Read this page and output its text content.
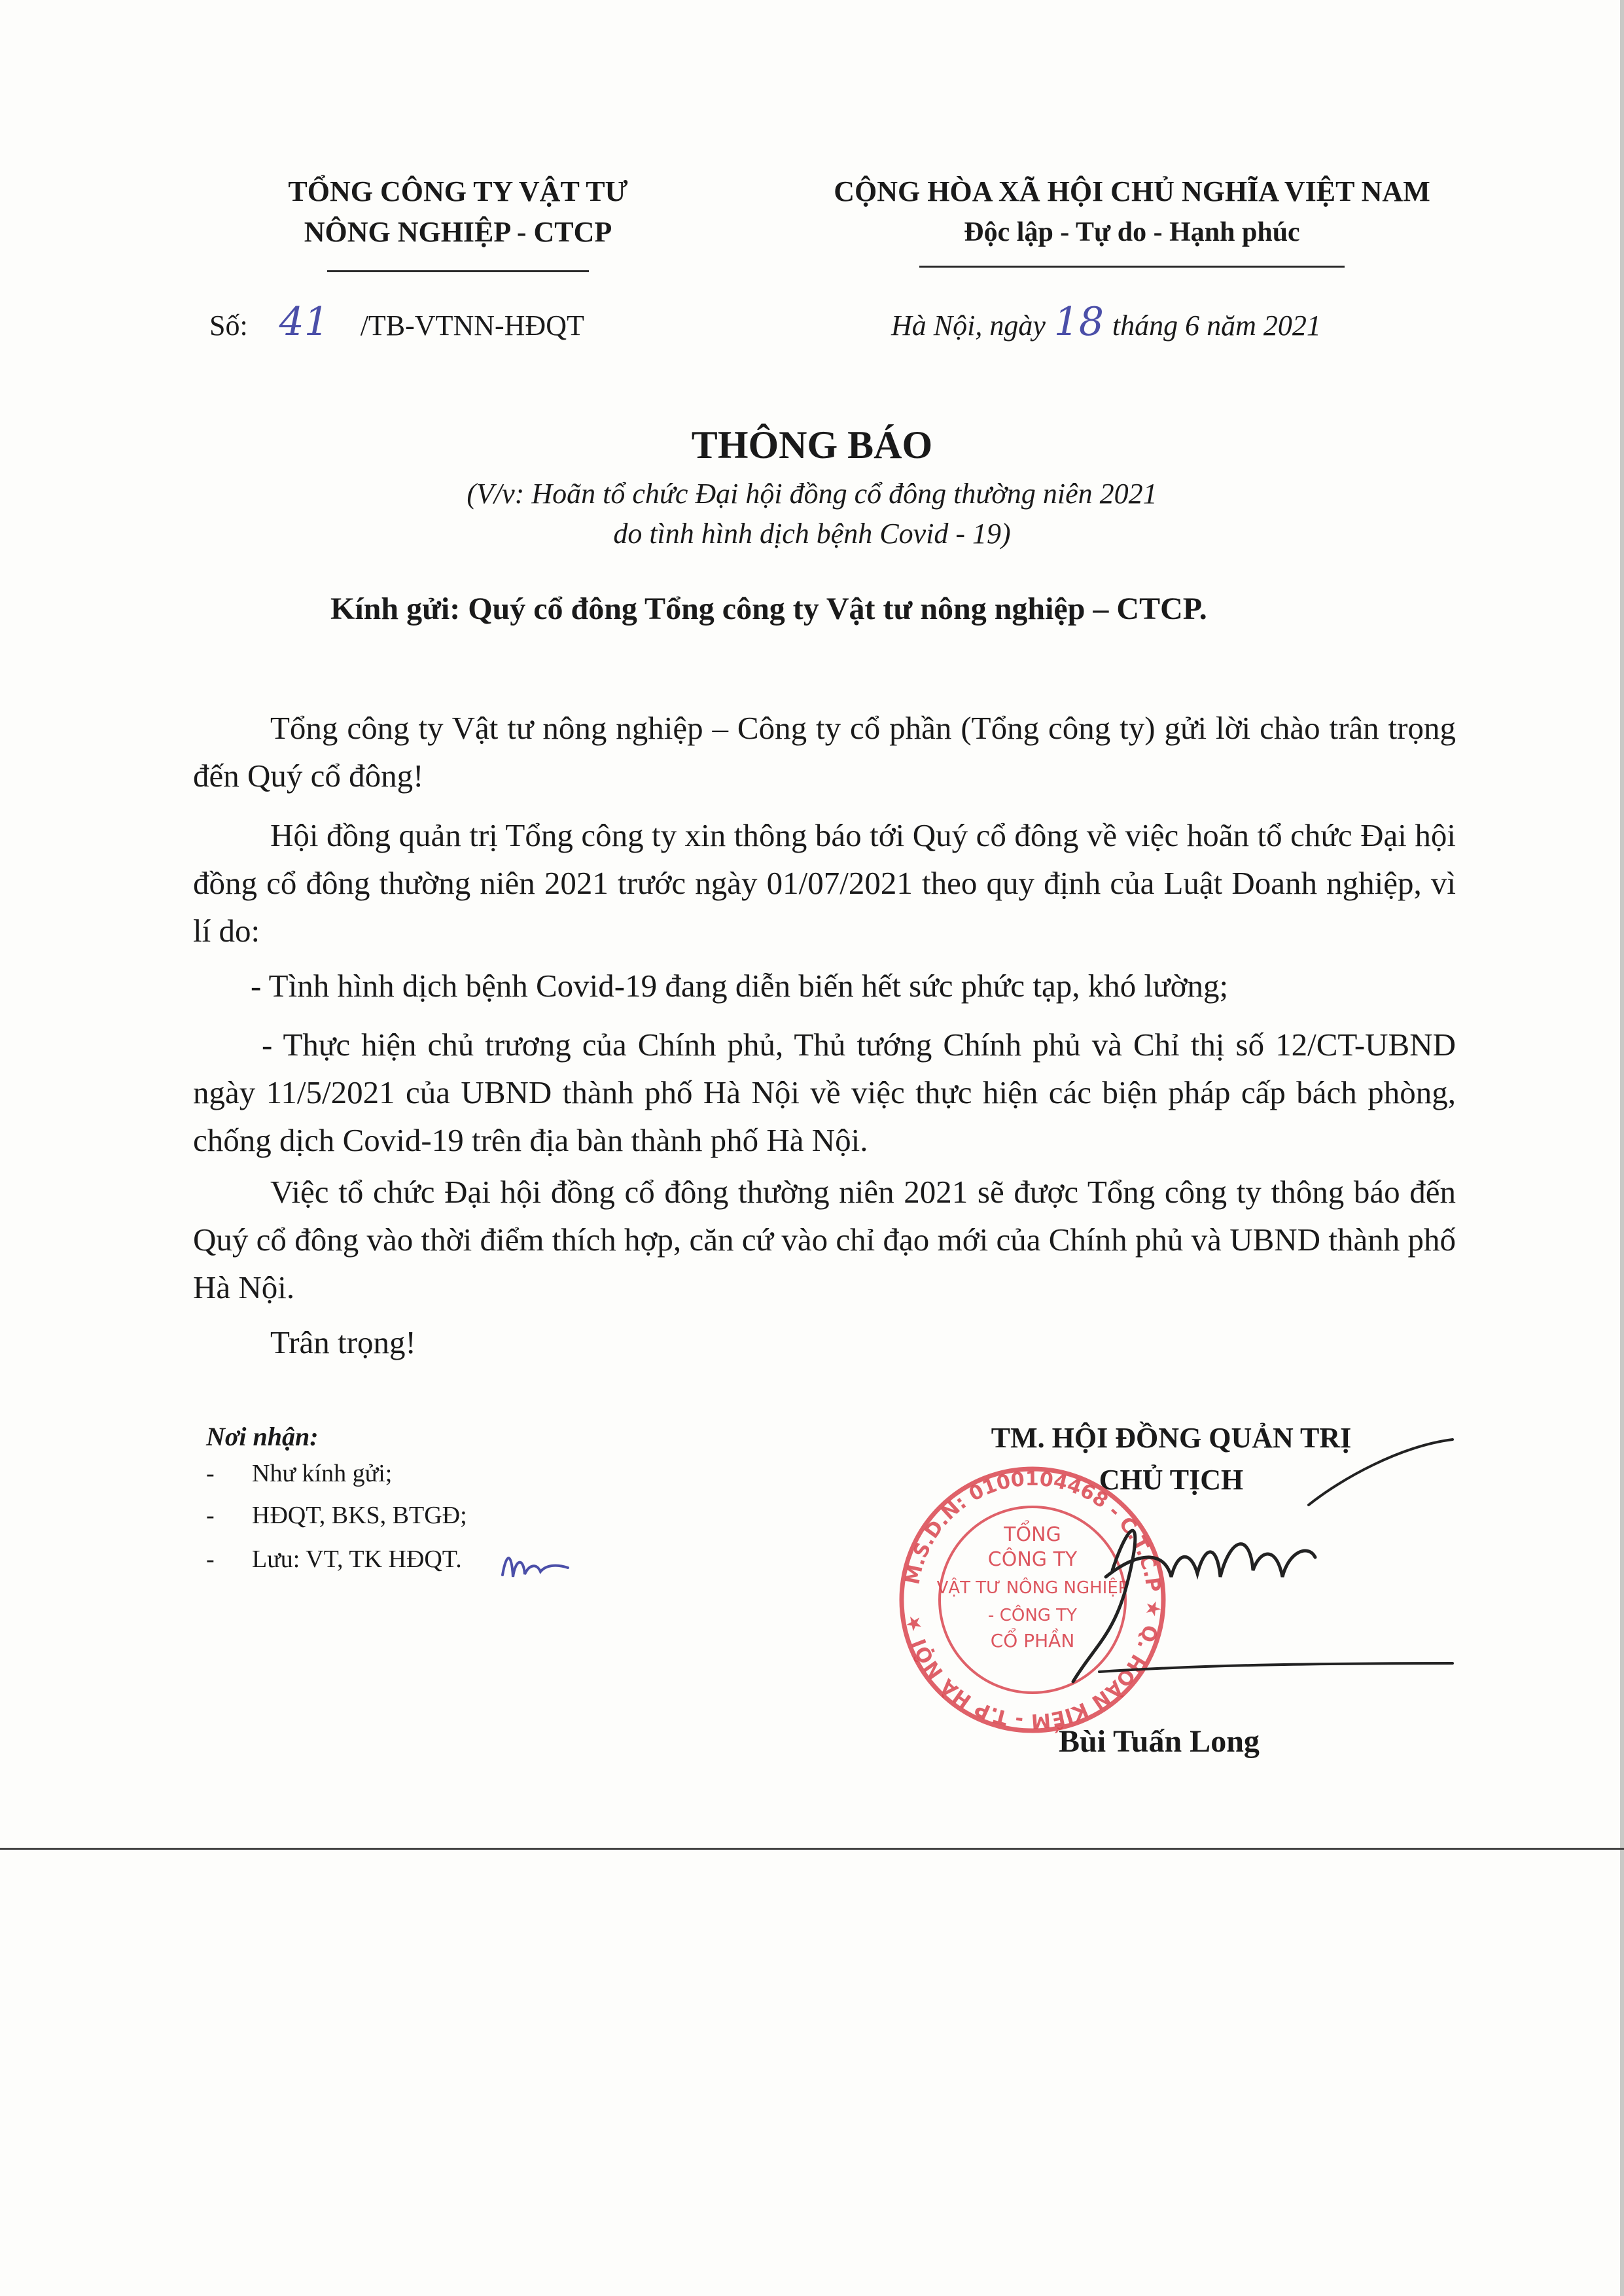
TỔNG CÔNG TY VẬT TƯ
NÔNG NGHIỆP - CTCP
CỘNG HÒA XÃ HỘI CHỦ NGHĨA VIỆT NAM
Độc lập - Tự do - Hạnh phúc
Số: 41 /TB-VTNN-HĐQT	Hà Nội, ngày 18 tháng 6 năm 2021
THÔNG BÁO
(V/v: Hoãn tổ chức Đại hội đồng cổ đông thường niên 2021
do tình hình dịch bệnh Covid - 19)
Kính gửi: Quý cổ đông Tổng công ty Vật tư nông nghiệp – CTCP.
Tổng công ty Vật tư nông nghiệp – Công ty cổ phần (Tổng công ty) gửi lời chào trân trọng đến Quý cổ đông!
Hội đồng quản trị Tổng công ty xin thông báo tới Quý cổ đông về việc hoãn tổ chức Đại hội đồng cổ đông thường niên 2021 trước ngày 01/07/2021 theo quy định của Luật Doanh nghiệp, vì lí do:
- Tình hình dịch bệnh Covid-19 đang diễn biến hết sức phức tạp, khó lường;
- Thực hiện chủ trương của Chính phủ, Thủ tướng Chính phủ và Chỉ thị số 12/CT-UBND ngày 11/5/2021 của UBND thành phố Hà Nội về việc thực hiện các biện pháp cấp bách phòng, chống dịch Covid-19 trên địa bàn thành phố Hà Nội.
Việc tổ chức Đại hội đồng cổ đông thường niên 2021 sẽ được Tổng công ty thông báo đến Quý cổ đông vào thời điểm thích hợp, căn cứ vào chỉ đạo mới của Chính phủ và UBND thành phố Hà Nội.
Trân trọng!
Nơi nhận:
- Như kính gửi;
- HĐQT, BKS, BTGĐ;
- Lưu: VT, TK HĐQT.
TM. HỘI ĐỒNG QUẢN TRỊ
CHỦ TỊCH
M.S.D.N: 0100104468 - C.T.C.P ★ Q. HOÀN KIẾM - T.P HÀ NỘI ★
TỔNG
CÔNG TY
VẬT TƯ NÔNG NGHIỆP
- CÔNG TY
CỔ PHẦN
Bùi Tuấn Long
